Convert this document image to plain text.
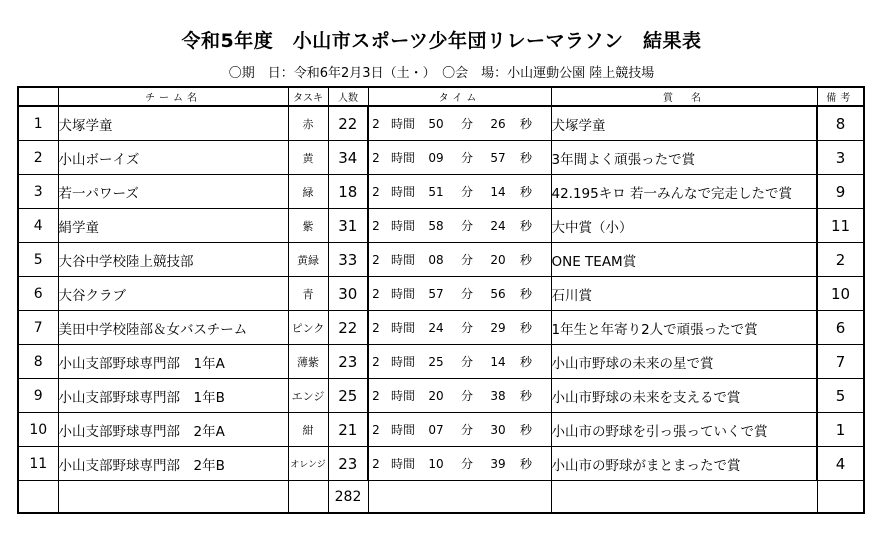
令和5年度　小山市スポーツ少年団リレーマラソン　結果表
〇期　日：令和6年2月3日（土・）　〇会　場：小山運動公園 陸上競技場
	チーム名	タスキ	人数	タイム	賞　名	備考
1	犬塚学童	赤	22	2 時間 50 分 26 秒	犬塚学童	8
2	小山ボーイズ	黄	34	2 時間 09 分 57 秒	3年間よく頑張ったで賞	3
3	若一パワーズ	緑	18	2 時間 51 分 14 秒	42.195キロ 若一みんなで完走したで賞	9
4	絹学童	紫	31	2 時間 58 分 24 秒	大中賞（小）	11
5	大谷中学校陸上競技部	黄緑	33	2 時間 08 分 20 秒	ONE TEAM賞	2
6	大谷クラブ	青	30	2 時間 57 分 56 秒	石川賞	10
7	美田中学校陸部＆女バスチーム	ピンク	22	2 時間 24 分 29 秒	1年生と年寄り2人で頑張ったで賞	6
8	小山支部野球専門部　1年A	薄紫	23	2 時間 25 分 14 秒	小山市野球の未来の星で賞	7
9	小山支部野球専門部　1年B	エンジ	25	2 時間 20 分 38 秒	小山市野球の未来を支えるで賞	5
10	小山支部野球専門部　2年A	紺	21	2 時間 07 分 30 秒	小山市の野球を引っ張っていくで賞	1
11	小山支部野球専門部　2年B	オレンジ	23	2 時間 10 分 39 秒	小山市の野球がまとまったで賞	4
			282			
